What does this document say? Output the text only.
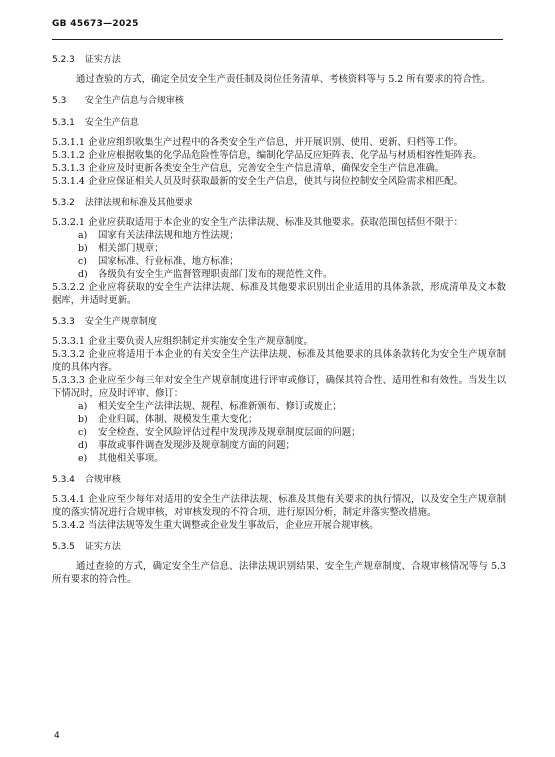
GB 45673—2025

5.2.3 证实方法

通过查验的方式，确定全员安全生产责任制及岗位任务清单、考核资料等与 5.2 所有要求的符合性。

5.3 安全生产信息与合规审核

5.3.1 安全生产信息

5.3.1.1 企业应组织收集生产过程中的各类安全生产信息，并开展识别、使用、更新、归档等工作。

5.3.1.2 企业应根据收集的化学品危险性等信息，编制化学品反应矩阵表、化学品与材质相容性矩阵表。

5.3.1.3 企业应及时更新各类安全生产信息，完善安全生产信息清单，确保安全生产信息准确。

5.3.1.4 企业应保证相关人员及时获取最新的安全生产信息，使其与岗位控制安全风险需求相匹配。

5.3.2 法律法规和标准及其他要求

5.3.2.1 企业应获取适用于本企业的安全生产法律法规、标准及其他要求。获取范围包括但不限于：

a) 国家有关法律法规和地方性法规；

b) 相关部门规章；

c) 国家标准、行业标准、地方标准；

d) 各级负有安全生产监督管理职责部门发布的规范性文件。

5.3.2.2 企业应将获取的安全生产法律法规、标准及其他要求识别出企业适用的具体条款，形成清单及文本数据库，并适时更新。

5.3.3 安全生产规章制度

5.3.3.1 企业主要负责人应组织制定并实施安全生产规章制度。

5.3.3.2 企业应将适用于本企业的有关安全生产法律法规、标准及其他要求的具体条款转化为安全生产规章制度的具体内容。

5.3.3.3 企业应至少每三年对安全生产规章制度进行评审或修订，确保其符合性、适用性和有效性。当发生以下情况时，应及时评审、修订：

a) 相关安全生产法律法规、规程、标准新颁布、修订或废止；

b) 企业归属、体制、规模发生重大变化；

c) 安全检查、安全风险评估过程中发现涉及规章制度层面的问题；

d) 事故或事件调查发现涉及规章制度方面的问题；

e) 其他相关事项。

5.3.4 合规审核

5.3.4.1 企业应至少每年对适用的安全生产法律法规、标准及其他有关要求的执行情况，以及安全生产规章制度的落实情况进行合规审核，对审核发现的不符合项，进行原因分析，制定并落实整改措施。

5.3.4.2 当法律法规等发生重大调整或企业发生事故后，企业应开展合规审核。

5.3.5 证实方法

通过查验的方式，确定安全生产信息、法律法规识别结果、安全生产规章制度、合规审核情况等与 5.3 所有要求的符合性。

4
